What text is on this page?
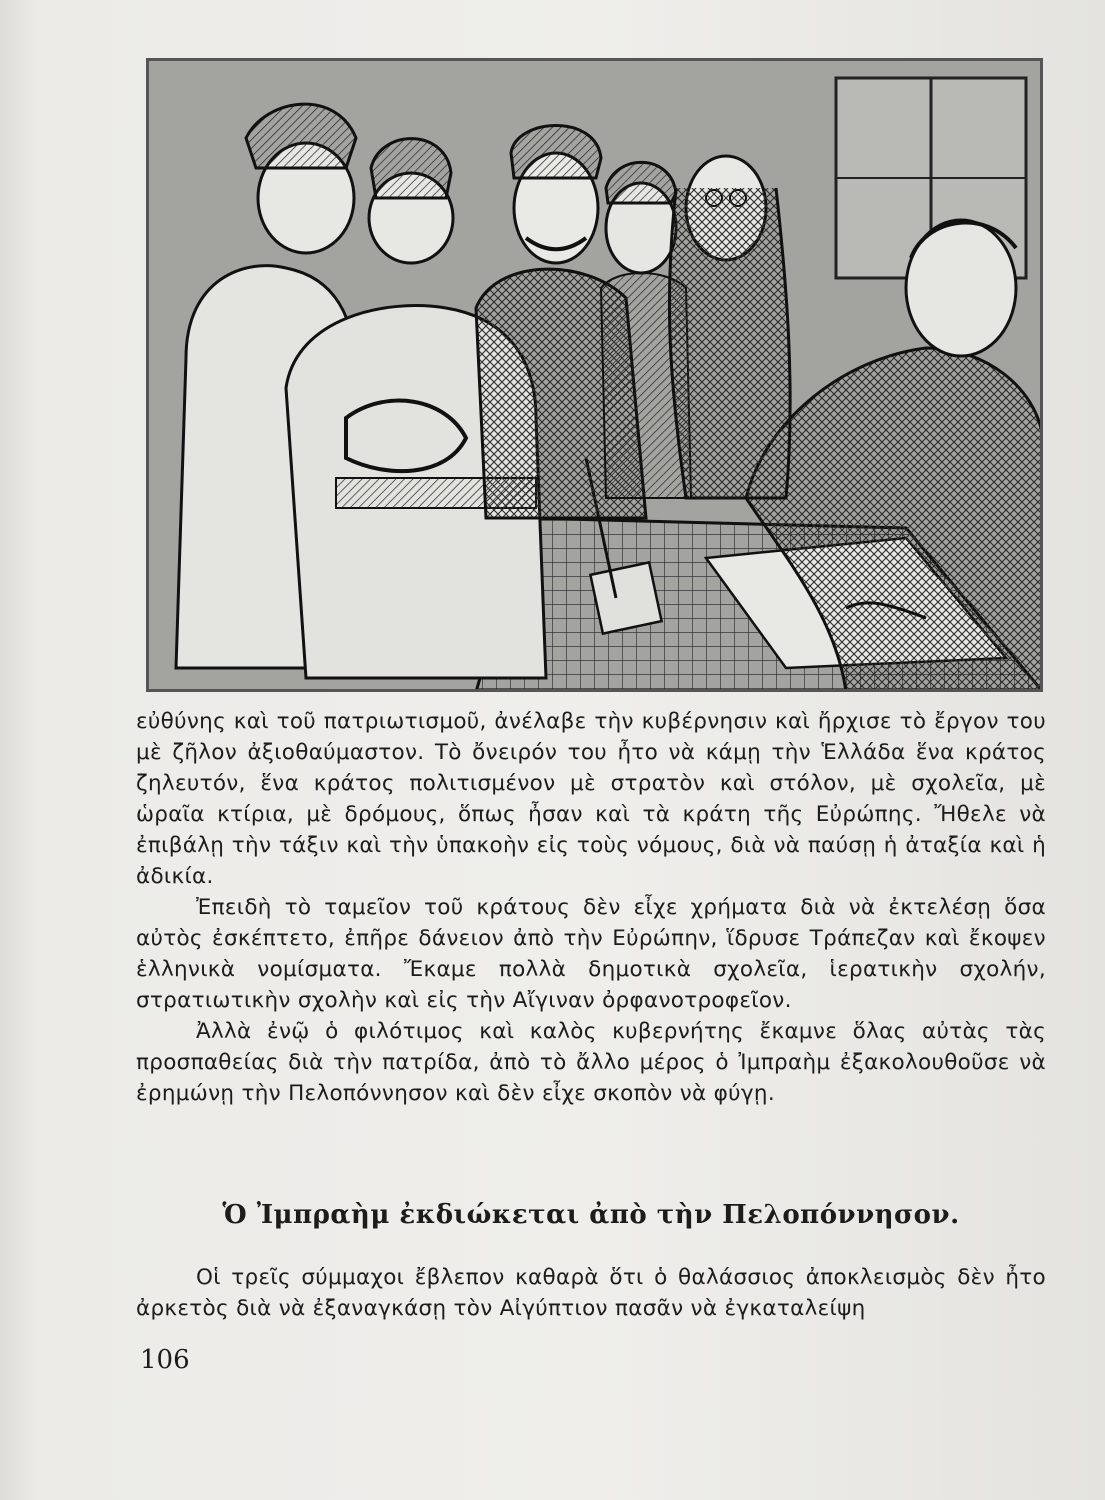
εὐθύνης καὶ τοῦ πατριωτισμοῦ, ἀνέλαβε τὴν κυβέρνησιν καὶ ἤρχισε τὸ ἔργον του μὲ ζῆλον ἀξιοθαύμαστον. Τὸ ὄνειρόν του ἦτο νὰ κάμῃ τὴν Ἑλλάδα ἕνα κράτος ζηλευτόν, ἕνα κράτος πολιτισμένον μὲ στρατὸν καὶ στόλον, μὲ σχολεῖα, μὲ ὡραῖα κτίρια, μὲ δρόμους, ὅπως ἦσαν καὶ τὰ κράτη τῆς Εὐρώπης. Ἤθελε νὰ ἐπιβάλῃ τὴν τάξιν καὶ τὴν ὑπακοὴν εἰς τοὺς νόμους, διὰ νὰ παύσῃ ἡ ἀταξία καὶ ἡ ἀδικία.

Ἐπειδὴ τὸ ταμεῖον τοῦ κράτους δὲν εἶχε χρήματα διὰ νὰ ἐκτελέσῃ ὅσα αὐτὸς ἐσκέπτετο, ἐπῆρε δάνειον ἀπὸ τὴν Εὐρώπην, ἵδρυσε Τράπεζαν καὶ ἔκοψεν ἑλληνικὰ νομίσματα. Ἔκαμε πολλὰ δημοτικὰ σχολεῖα, ἱερατικὴν σχολήν, στρατιωτικὴν σχολὴν καὶ εἰς τὴν Αἴγιναν ὀρφανοτροφεῖον.

Ἀλλὰ ἐνῷ ὁ φιλότιμος καὶ καλὸς κυβερνήτης ἔκαμνε ὅλας αὐτὰς τὰς προσπαθείας διὰ τὴν πατρίδα, ἀπὸ τὸ ἄλλο μέρος ὁ Ἰμπραὴμ ἐξακολουθοῦσε νὰ ἐρημώνῃ τὴν Πελοπόννησον καὶ δὲν εἶχε σκοπὸν νὰ φύγῃ.

Ὁ Ἰμπραὴμ ἐκδιώκεται ἀπὸ τὴν Πελοπόννησον.

Οἱ τρεῖς σύμμαχοι ἔβλεπον καθαρὰ ὅτι ὁ θαλάσσιος ἀποκλεισμὸς δὲν ἦτο ἀρκετὸς διὰ νὰ ἐξαναγκάσῃ τὸν Αἰγύπτιον πασᾶν νὰ ἐγκαταλείψη

106
